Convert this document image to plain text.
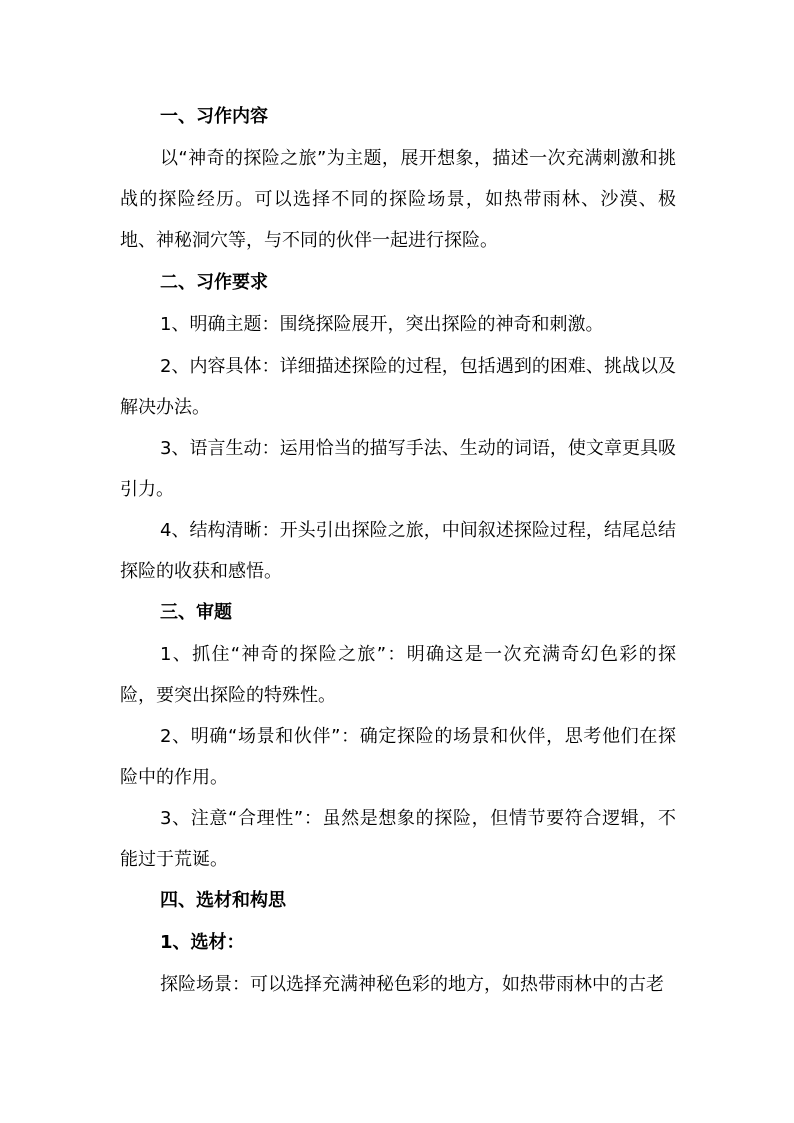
一、习作内容

以“神奇的探险之旅”为主题，展开想象，描述一次充满刺激和挑战的探险经历。可以选择不同的探险场景，如热带雨林、沙漠、极地、神秘洞穴等，与不同的伙伴一起进行探险。

二、习作要求

1、明确主题：围绕探险展开，突出探险的神奇和刺激。

2、内容具体：详细描述探险的过程，包括遇到的困难、挑战以及解决办法。

3、语言生动：运用恰当的描写手法、生动的词语，使文章更具吸引力。

4、结构清晰：开头引出探险之旅，中间叙述探险过程，结尾总结探险的收获和感悟。

三、审题

1、抓住“神奇的探险之旅”：明确这是一次充满奇幻色彩的探险，要突出探险的特殊性。

2、明确“场景和伙伴”：确定探险的场景和伙伴，思考他们在探险中的作用。

3、注意“合理性”：虽然是想象的探险，但情节要符合逻辑，不能过于荒诞。

四、选材和构思

1、选材：

探险场景：可以选择充满神秘色彩的地方，如热带雨林中的古老
